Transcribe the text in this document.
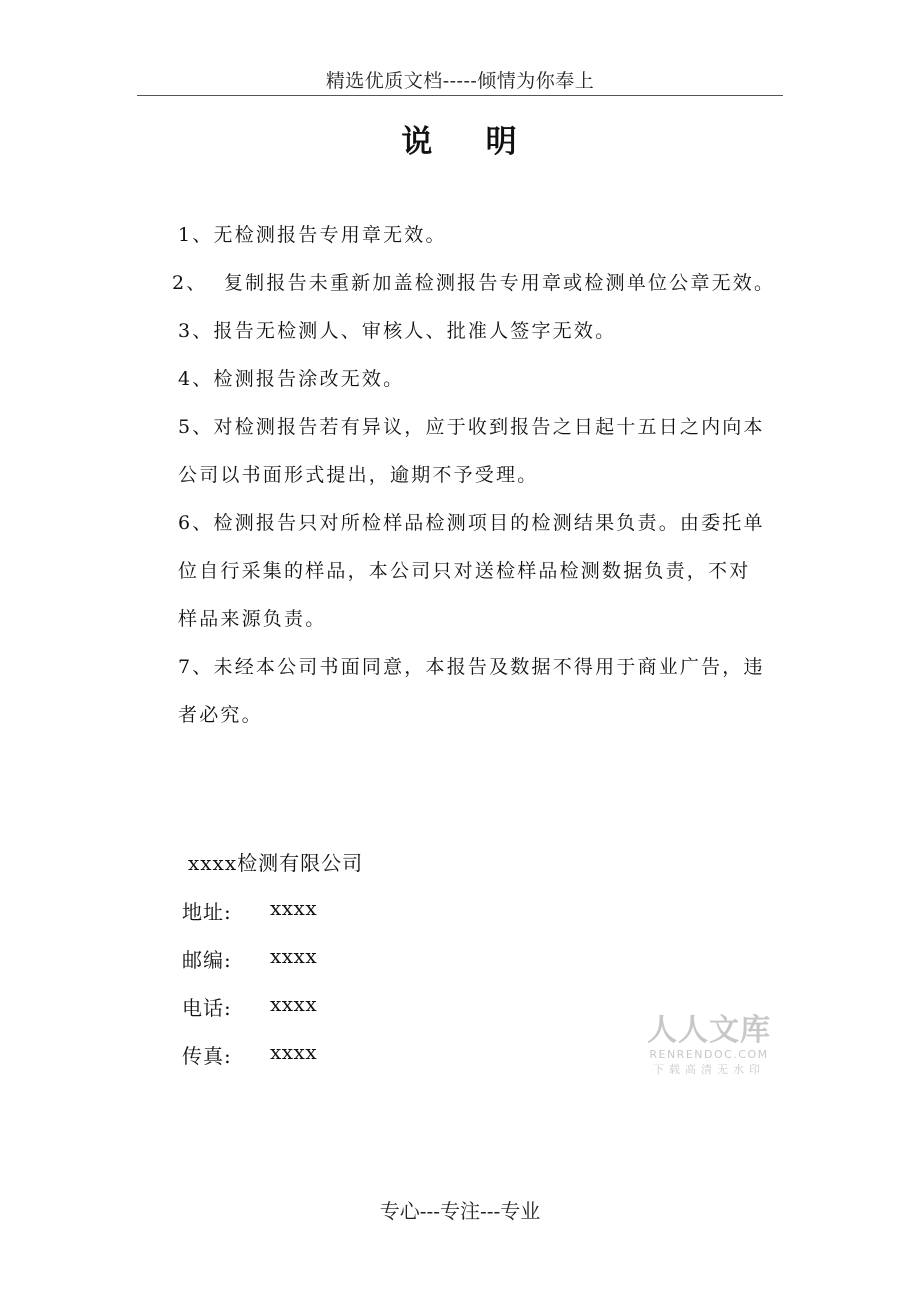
精选优质文档-----倾情为你奉上
说    明
1、无检测报告专用章无效。
2、  复制报告未重新加盖检测报告专用章或检测单位公章无效。
3、报告无检测人、审核人、批准人签字无效。
4、检测报告涂改无效。
5、对检测报告若有异议，应于收到报告之日起十五日之内向本
公司以书面形式提出，逾期不予受理。
6、检测报告只对所检样品检测项目的检测结果负责。由委托单
位自行采集的样品，本公司只对送检样品检测数据负责，不对
样品来源负责。
7、未经本公司书面同意，本报告及数据不得用于商业广告，违
者必究。
xxxx检测有限公司
地址: xxxx
邮编: xxxx
电话: xxxx
传真: xxxx
人人文库
RENRENDOC.COM
下载高清无水印
专心---专注---专业
